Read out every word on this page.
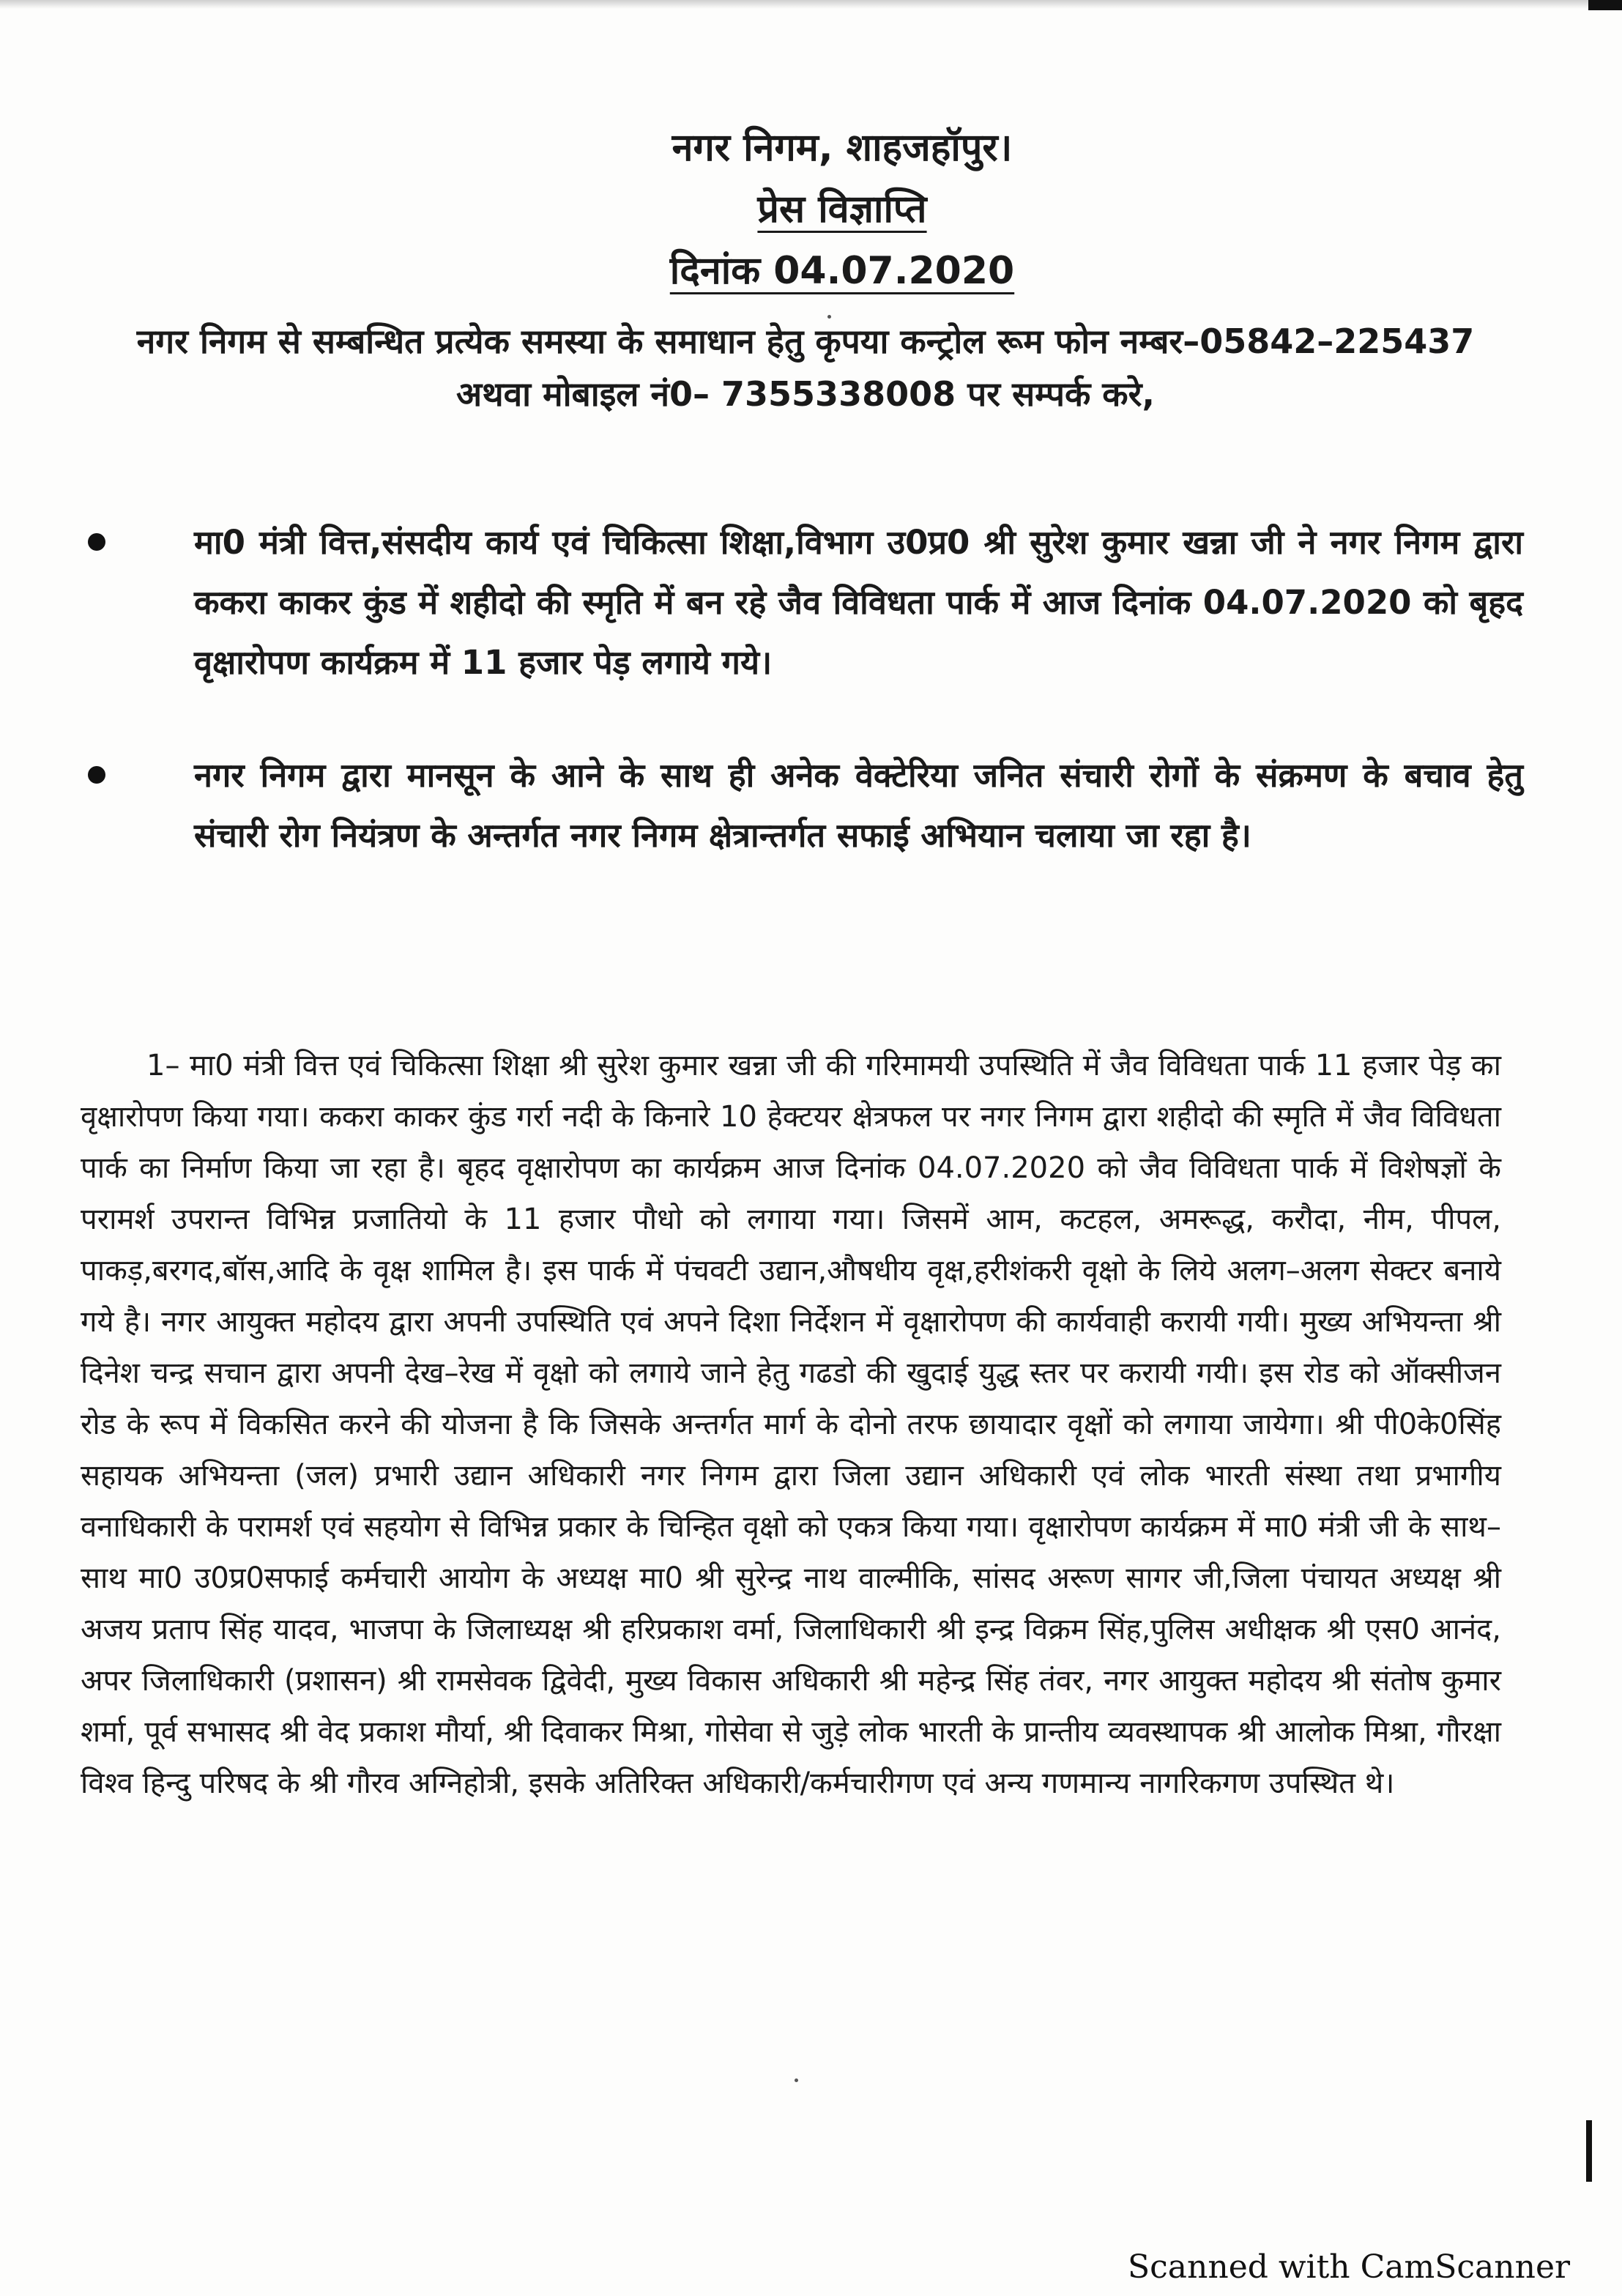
नगर निगम, शाहजहॉपुर।

प्रेस विज्ञाप्ति

दिनांक 04.07.2020

नगर निगम से सम्बन्धित प्रत्येक समस्या के समाधान हेतु कृपया कन्ट्रोल रूम फोन नम्बर–05842–225437 अथवा मोबाइल नं0– 7355338008 पर सम्पर्क करे,

मा0 मंत्री वित्त,संसदीय कार्य एवं चिकित्सा शिक्षा,विभाग उ0प्र0 श्री सुरेश कुमार खन्ना जी ने नगर निगम द्वारा ककरा काकर कुंड में शहीदो की स्मृति में बन रहे जैव विविधता पार्क में आज दिनांक 04.07.2020 को बृहद वृक्षारोपण कार्यक्रम में 11 हजार पेड़ लगाये गये।

नगर निगम द्वारा मानसून के आने के साथ ही अनेक वेक्टेरिया जनित संचारी रोगों के संक्रमण के बचाव हेतु संचारी रोग नियंत्रण के अन्तर्गत नगर निगम क्षेत्रान्तर्गत सफाई अभियान चलाया जा रहा है।

1– मा0 मंत्री वित्त एवं चिकित्सा शिक्षा श्री सुरेश कुमार खन्ना जी की गरिमामयी उपस्थिति में जैव विविधता पार्क 11 हजार पेड़ का वृक्षारोपण किया गया। ककरा काकर कुंड गर्रा नदी के किनारे 10 हेक्टयर क्षेत्रफल पर नगर निगम द्वारा शहीदो की स्मृति में जैव विविधता पार्क का निर्माण किया जा रहा है। बृहद वृक्षारोपण का कार्यक्रम आज दिनांक 04.07.2020 को जैव विविधता पार्क में विशेषज्ञों के परामर्श उपरान्त विभिन्न प्रजातियो के 11 हजार पौधो को लगाया गया। जिसमें आम, कटहल, अमरूद्ध, करौदा, नीम, पीपल, पाकड़,बरगद,बॉस,आदि के वृक्ष शामिल है। इस पार्क में पंचवटी उद्यान,औषधीय वृक्ष,हरीशंकरी वृक्षो के लिये अलग–अलग सेक्टर बनाये गये है। नगर आयुक्त महोदय द्वारा अपनी उपस्थिति एवं अपने दिशा निर्देशन में वृक्षारोपण की कार्यवाही करायी गयी। मुख्य अभियन्ता श्री दिनेश चन्द्र सचान द्वारा अपनी देख–रेख में वृक्षो को लगाये जाने हेतु गढडो की खुदाई युद्ध स्तर पर करायी गयी। इस रोड को ऑक्सीजन रोड के रूप में विकसित करने की योजना है कि जिसके अन्तर्गत मार्ग के दोनो तरफ छायादार वृक्षों को लगाया जायेगा। श्री पी0के0सिंह सहायक अभियन्ता (जल) प्रभारी उद्यान अधिकारी नगर निगम द्वारा जिला उद्यान अधिकारी एवं लोक भारती संस्था तथा प्रभागीय वनाधिकारी के परामर्श एवं सहयोग से विभिन्न प्रकार के चिन्हित वृक्षो को एकत्र किया गया। वृक्षारोपण कार्यक्रम में मा0 मंत्री जी के साथ–साथ मा0 उ0प्र0सफाई कर्मचारी आयोग के अध्यक्ष मा0 श्री सुरेन्द्र नाथ वाल्मीकि, सांसद अरूण सागर जी,जिला पंचायत अध्यक्ष श्री अजय प्रताप सिंह यादव, भाजपा के जिलाध्यक्ष श्री हरिप्रकाश वर्मा, जिलाधिकारी श्री इन्द्र विक्रम सिंह,पुलिस अधीक्षक श्री एस0 आनंद, अपर जिलाधिकारी (प्रशासन) श्री रामसेवक द्विवेदी, मुख्य विकास अधिकारी श्री महेन्द्र सिंह तंवर, नगर आयुक्त महोदय श्री संतोष कुमार शर्मा, पूर्व सभासद श्री वेद प्रकाश मौर्या, श्री दिवाकर मिश्रा, गोसेवा से जुड़े लोक भारती के प्रान्तीय व्यवस्थापक श्री आलोक मिश्रा, गौरक्षा विश्व हिन्दु परिषद के श्री गौरव अग्निहोत्री, इसके अतिरिक्त अधिकारी/कर्मचारीगण एवं अन्य गणमान्य नागरिकगण उपस्थित थे।

Scanned with CamScanner
